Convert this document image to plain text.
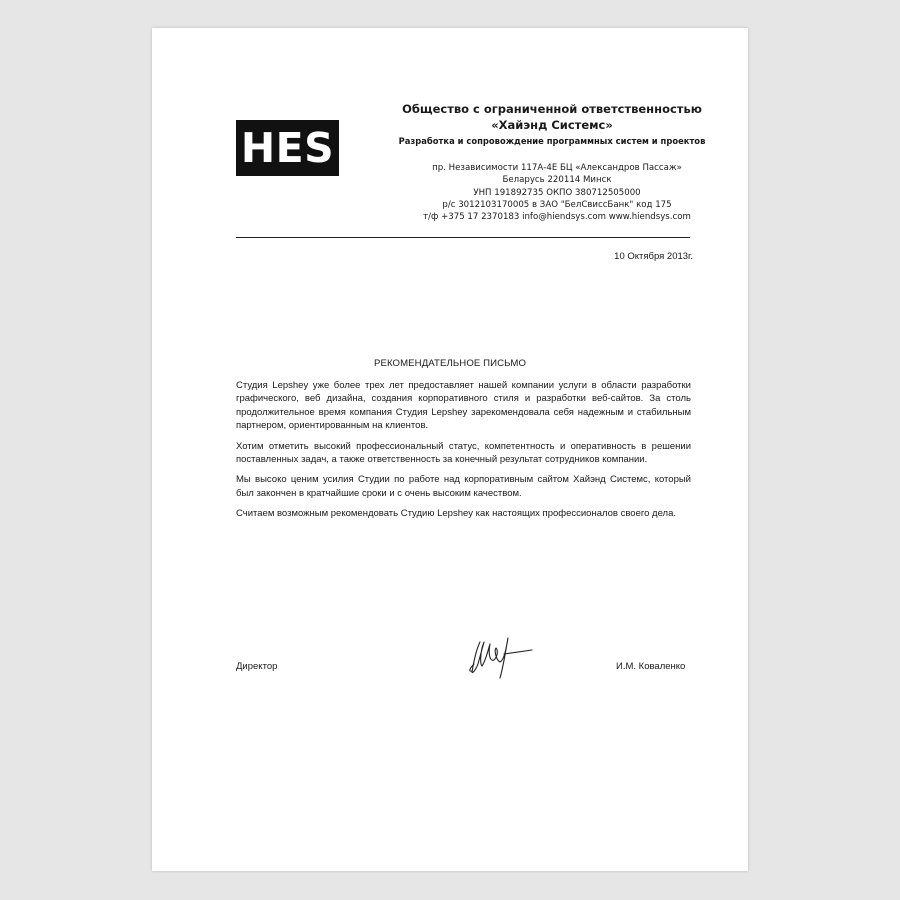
HES
Общество с ограниченной ответственностью
«Хайэнд Системс»
Разработка и сопровождение программных систем и проектов
пр. Независимости 117А-4Е БЦ «Александров Пассаж»
Беларусь 220114 Минск
УНП 191892735 ОКПО 380712505000
р/с 3012103170005 в ЗАО "БелСвиссБанк" код 175
т/ф +375 17 2370183 info@hiendsys.com www.hiendsys.com
10 Октября 2013г.
РЕКОМЕНДАТЕЛЬНОЕ ПИСЬМО

Студия Lepshey уже более трех лет предоставляет нашей компании услуги в области разработки графического, веб дизайна, создания корпоративного стиля и разработки веб-сайтов. За столь продолжительное время компания Студия Lepshey зарекомендовала себя надежным и стабильным партнером, ориентированным на клиентов.

Хотим отметить высокий профессиональный статус, компетентность и оперативность в решении поставленных задач, а также ответственность за конечный результат сотрудников компании.

Мы высоко ценим усилия Студии по работе над корпоративным сайтом Хайэнд Системс, который был закончен в кратчайшие сроки и с очень высоким качеством.

Считаем возможным рекомендовать Студию Lepshey как настоящих профессионалов своего дела.

Директор	И.М. Коваленко
